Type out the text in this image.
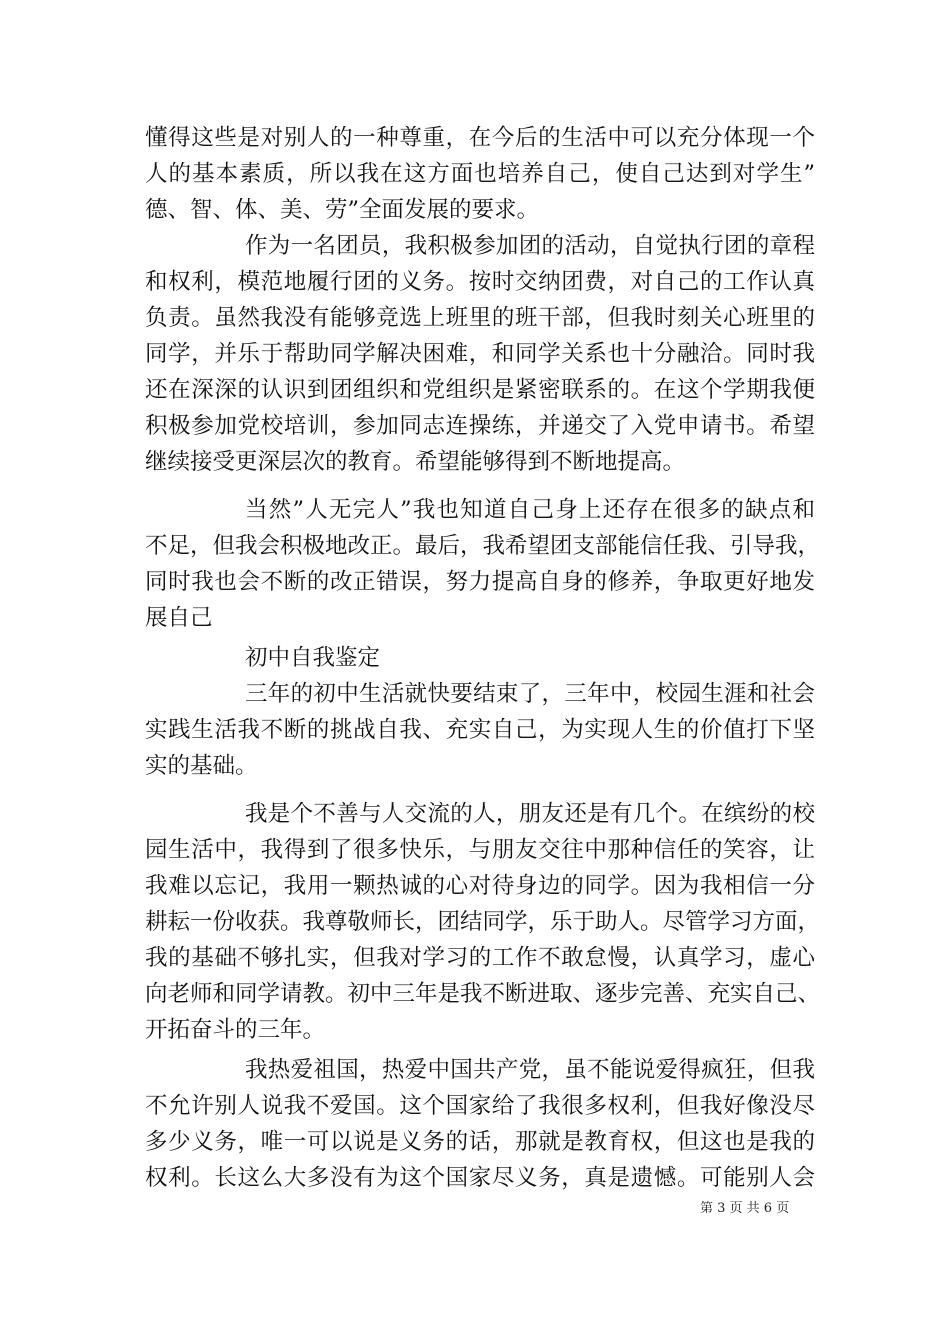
懂得这些是对别人的一种尊重，在今后的生活中可以充分体现一个
人的基本素质，所以我在这方面也培养自己，使自己达到对学生”
德、智、体、美、劳”全面发展的要求。
作为一名团员，我积极参加团的活动，自觉执行团的章程
和权利，模范地履行团的义务。按时交纳团费，对自己的工作认真
负责。虽然我没有能够竞选上班里的班干部，但我时刻关心班里的
同学，并乐于帮助同学解决困难，和同学关系也十分融洽。同时我
还在深深的认识到团组织和党组织是紧密联系的。在这个学期我便
积极参加党校培训，参加同志连操练，并递交了入党申请书。希望
继续接受更深层次的教育。希望能够得到不断地提高。
当然”人无完人”我也知道自己身上还存在很多的缺点和
不足，但我会积极地改正。最后，我希望团支部能信任我、引导我，
同时我也会不断的改正错误，努力提高自身的修养，争取更好地发
展自己
初中自我鉴定
三年的初中生活就快要结束了，三年中，校园生涯和社会
实践生活我不断的挑战自我、充实自己，为实现人生的价值打下坚
实的基础。
我是个不善与人交流的人，朋友还是有几个。在缤纷的校
园生活中，我得到了很多快乐，与朋友交往中那种信任的笑容，让
我难以忘记，我用一颗热诚的心对待身边的同学。因为我相信一分
耕耘一份收获。我尊敬师长，团结同学，乐于助人。尽管学习方面，
我的基础不够扎实，但我对学习的工作不敢怠慢，认真学习，虚心
向老师和同学请教。初中三年是我不断进取、逐步完善、充实自己、
开拓奋斗的三年。
我热爱祖国，热爱中国共产党，虽不能说爱得疯狂，但我
不允许别人说我不爱国。这个国家给了我很多权利，但我好像没尽
多少义务，唯一可以说是义务的话，那就是教育权，但这也是我的
权利。长这么大多没有为这个国家尽义务，真是遗憾。可能别人会
第 3 页 共 6 页
